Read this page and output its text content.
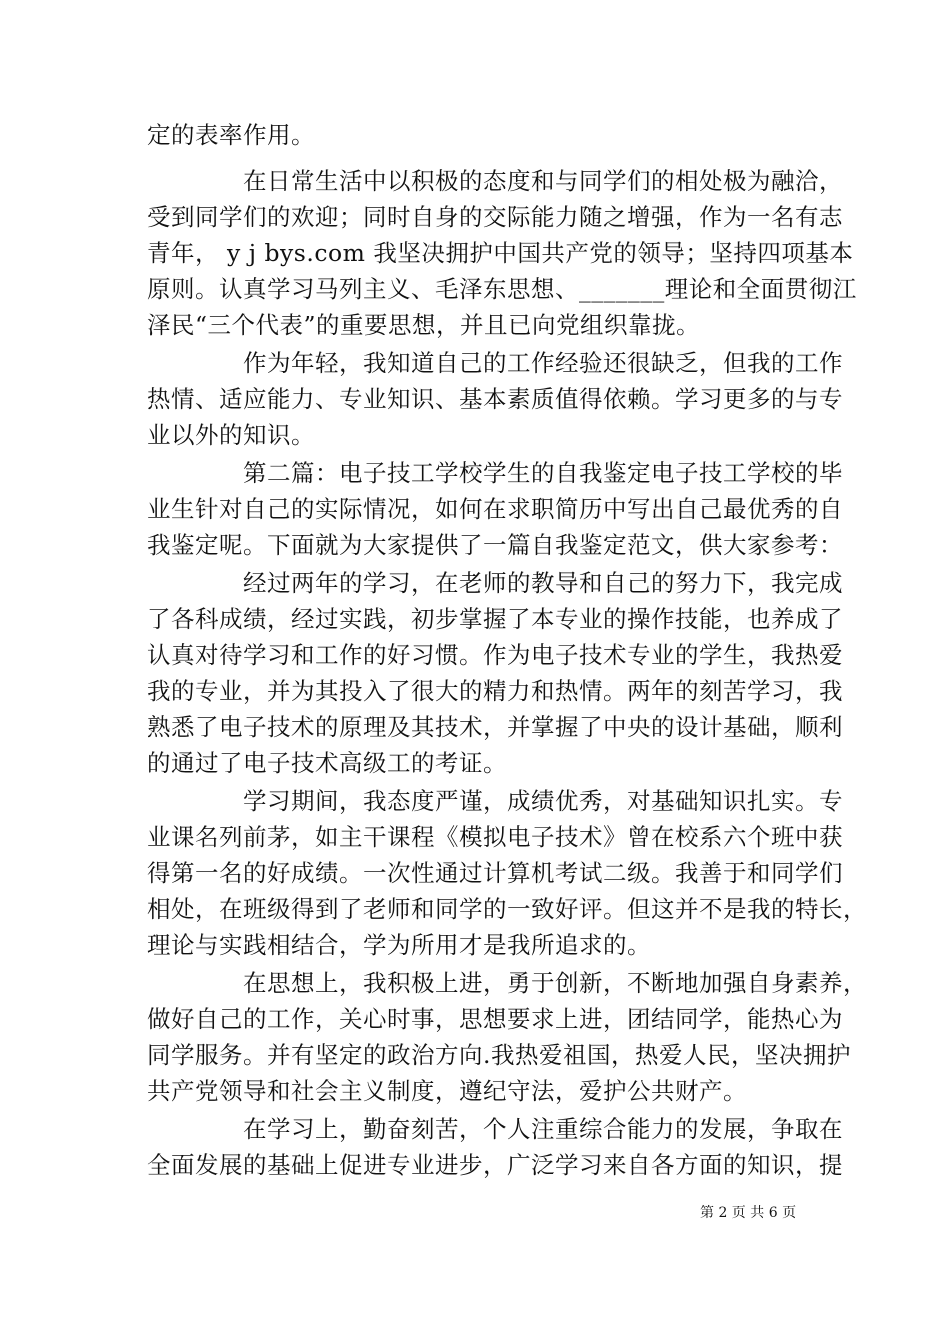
定的表率作用。
在日常生活中以积极的态度和与同学们的相处极为融洽，
受到同学们的欢迎；同时自身的交际能力随之增强，作为一名有志
青年， y j bys.com 我坚决拥护中国共产党的领导；坚持四项基本
原则。认真学习马列主义、毛泽东思想、_______理论和全面贯彻江
泽民“三个代表”的重要思想，并且已向党组织靠拢。
作为年轻，我知道自己的工作经验还很缺乏，但我的工作
热情、适应能力、专业知识、基本素质值得依赖。学习更多的与专
业以外的知识。
第二篇：电子技工学校学生的自我鉴定电子技工学校的毕
业生针对自己的实际情况，如何在求职简历中写出自己最优秀的自
我鉴定呢。下面就为大家提供了一篇自我鉴定范文，供大家参考：
经过两年的学习，在老师的教导和自己的努力下，我完成
了各科成绩，经过实践，初步掌握了本专业的操作技能，也养成了
认真对待学习和工作的好习惯。作为电子技术专业的学生，我热爱
我的专业，并为其投入了很大的精力和热情。两年的刻苦学习，我
熟悉了电子技术的原理及其技术，并掌握了中央的设计基础，顺利
的通过了电子技术高级工的考证。
学习期间，我态度严谨，成绩优秀，对基础知识扎实。专
业课名列前茅，如主干课程《模拟电子技术》曾在校系六个班中获
得第一名的好成绩。一次性通过计算机考试二级。我善于和同学们
相处，在班级得到了老师和同学的一致好评。但这并不是我的特长，
理论与实践相结合，学为所用才是我所追求的。
在思想上，我积极上进，勇于创新，不断地加强自身素养，
做好自己的工作，关心时事，思想要求上进，团结同学，能热心为
同学服务。并有坚定的政治方向.我热爱祖国，热爱人民，坚决拥护
共产党领导和社会主义制度，遵纪守法，爱护公共财产。
在学习上，勤奋刻苦，个人注重综合能力的发展，争取在
全面发展的基础上促进专业进步，广泛学习来自各方面的知识，提
第 2 页 共 6 页
